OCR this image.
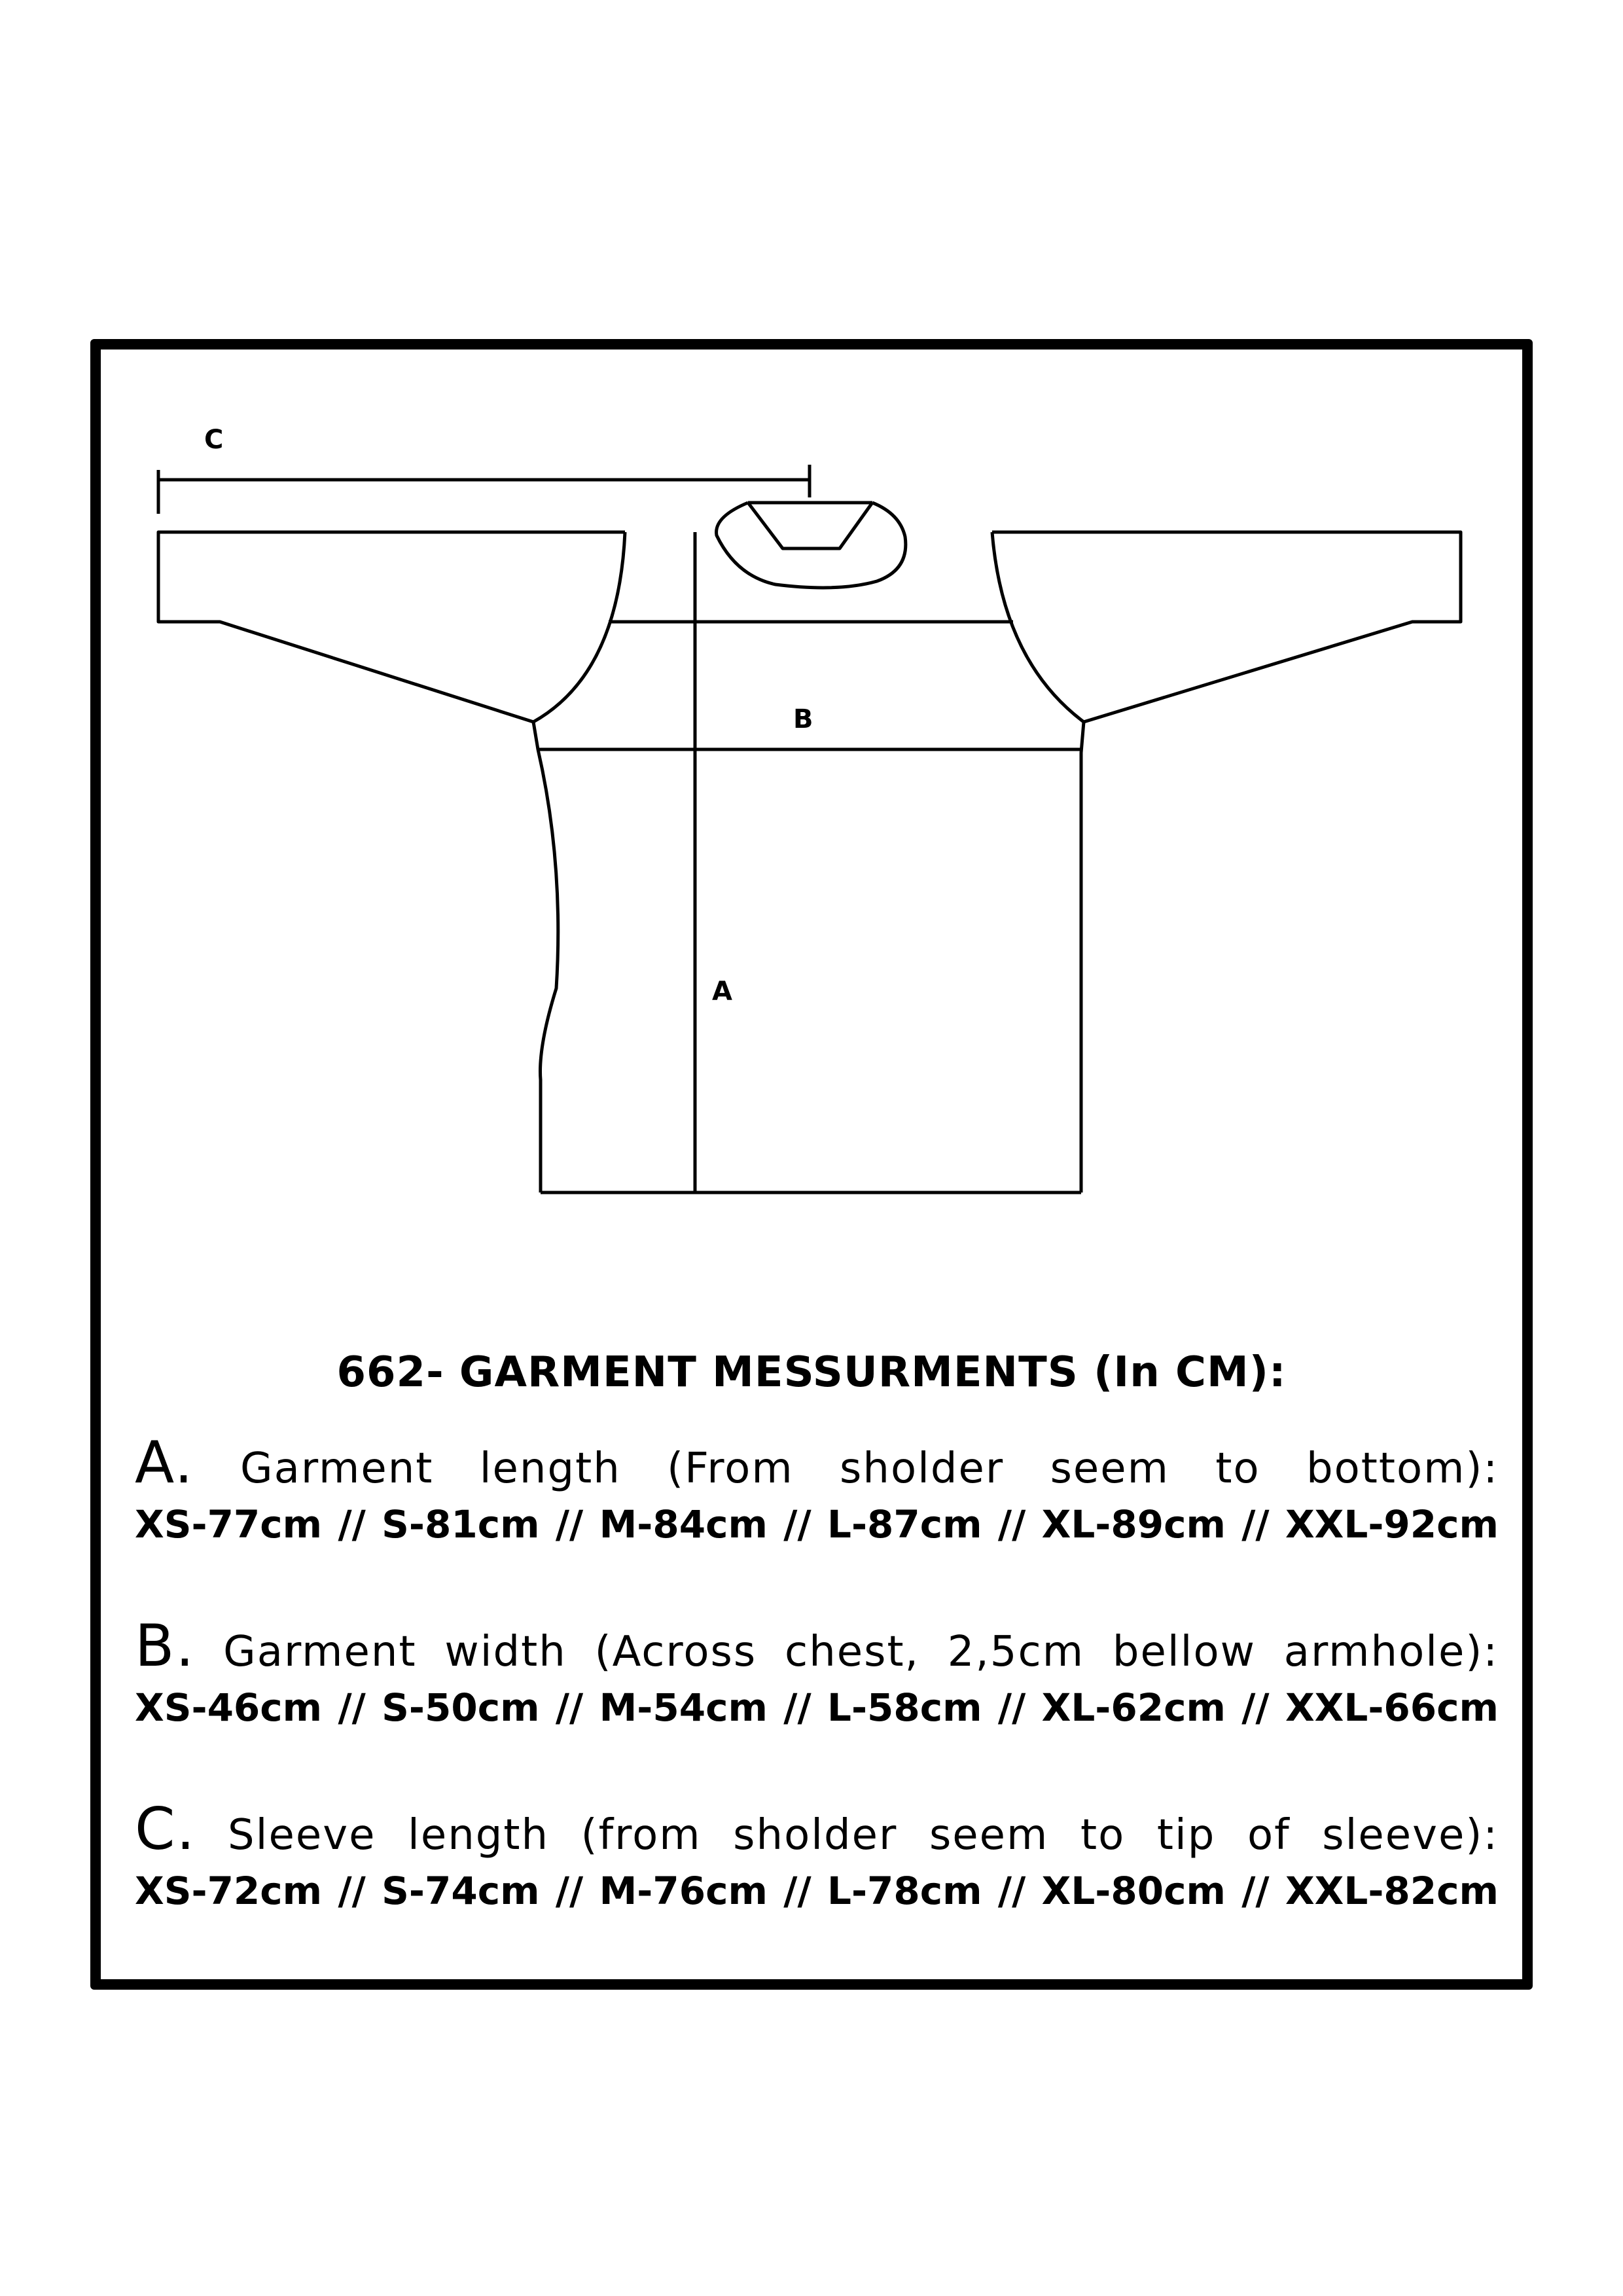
C
B
A
662- GARMENT MESSURMENTS (In CM):
A. Garment length (From sholder seem to bottom):
XS-77cm // S-81cm // M-84cm // L-87cm // XL-89cm // XXL-92cm
B. Garment width (Across chest, 2,5cm bellow armhole):
XS-46cm // S-50cm // M-54cm // L-58cm // XL-62cm // XXL-66cm
C. Sleeve length (from sholder seem to tip of sleeve):
XS-72cm // S-74cm // M-76cm // L-78cm // XL-80cm // XXL-82cm
